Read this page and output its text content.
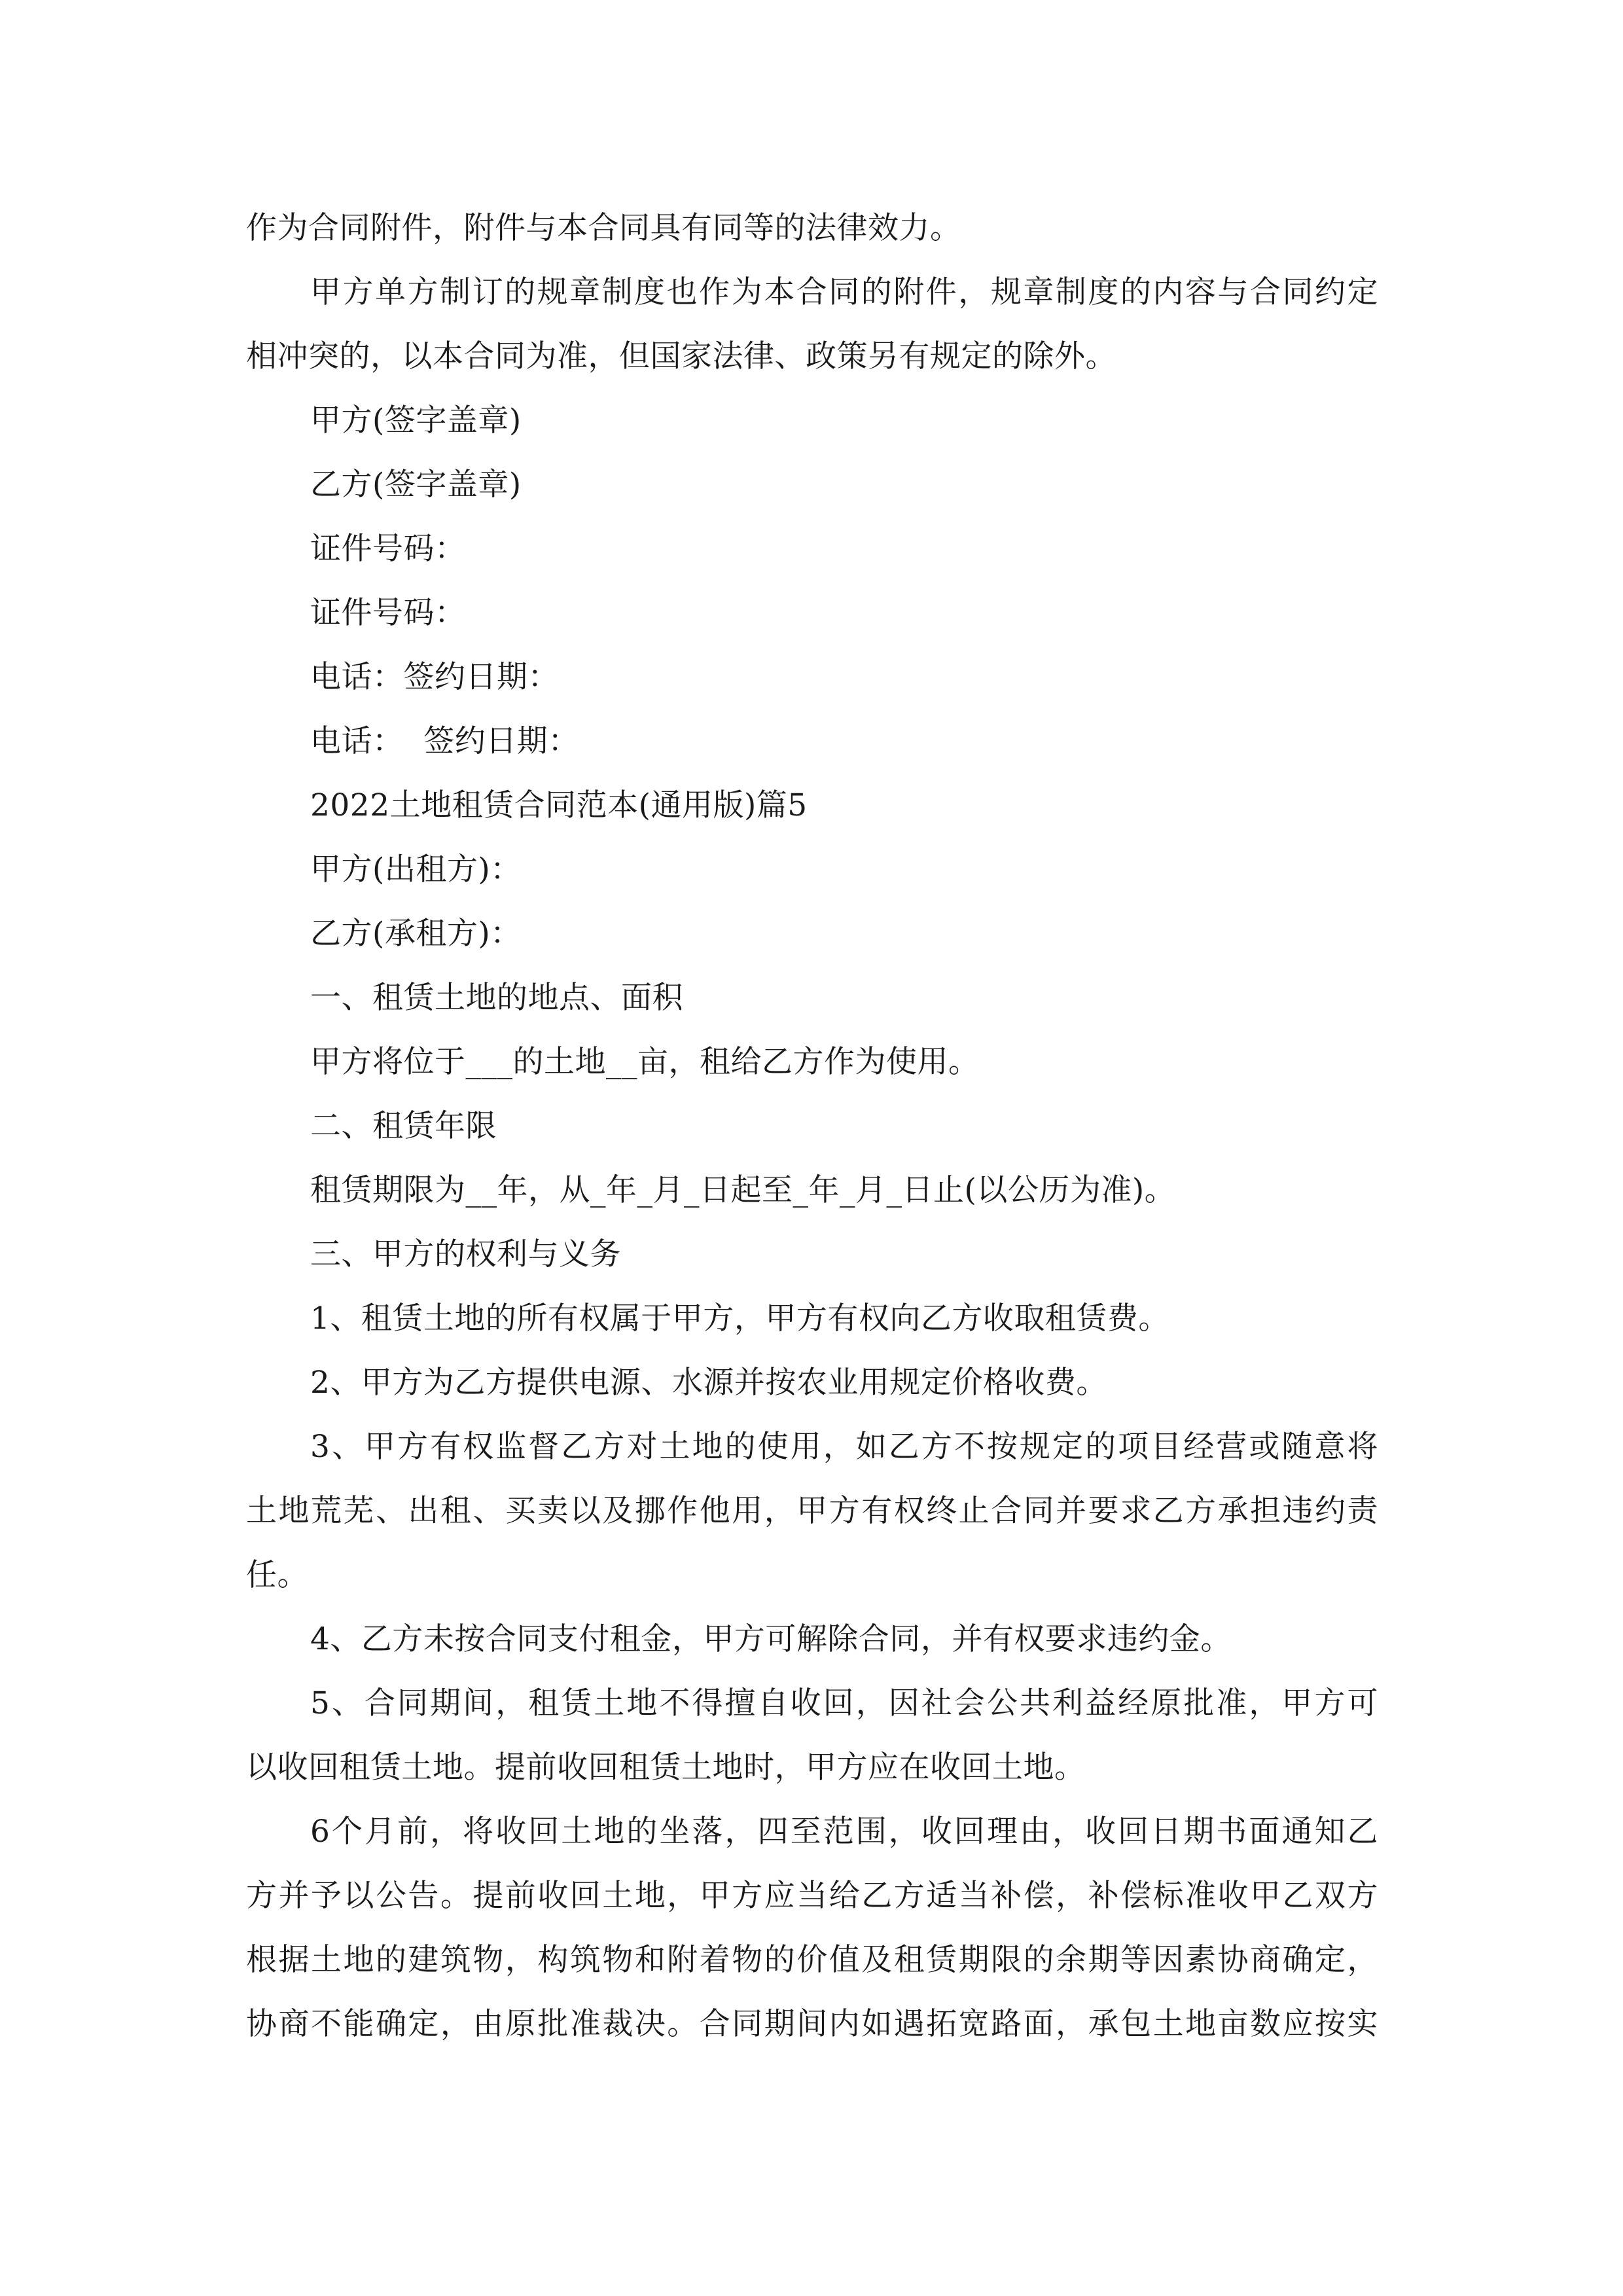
作为合同附件，附件与本合同具有同等的法律效力。
甲方单方制订的规章制度也作为本合同的附件，规章制度的内容与合同约定
相冲突的，以本合同为准，但国家法律、政策另有规定的除外。
甲方(签字盖章)
乙方(签字盖章)
证件号码：
证件号码：
电话：签约日期：
电话：  签约日期：
2022土地租赁合同范本(通用版)篇5
甲方(出租方)：
乙方(承租方)：
一、租赁土地的地点、面积
甲方将位于___的土地__亩，租给乙方作为使用。
二、租赁年限
租赁期限为__年，从_年_月_日起至_年_月_日止(以公历为准)。
三、甲方的权利与义务
1、租赁土地的所有权属于甲方，甲方有权向乙方收取租赁费。
2、甲方为乙方提供电源、水源并按农业用规定价格收费。
3、甲方有权监督乙方对土地的使用，如乙方不按规定的项目经营或随意将
土地荒芜、出租、买卖以及挪作他用，甲方有权终止合同并要求乙方承担违约责
任。
4、乙方未按合同支付租金，甲方可解除合同，并有权要求违约金。
5、合同期间，租赁土地不得擅自收回，因社会公共利益经原批准，甲方可
以收回租赁土地。提前收回租赁土地时，甲方应在收回土地。
6个月前，将收回土地的坐落，四至范围，收回理由，收回日期书面通知乙
方并予以公告。提前收回土地，甲方应当给乙方适当补偿，补偿标准收甲乙双方
根据土地的建筑物，构筑物和附着物的价值及租赁期限的余期等因素协商确定，
协商不能确定，由原批准裁决。合同期间内如遇拓宽路面，承包土地亩数应按实
